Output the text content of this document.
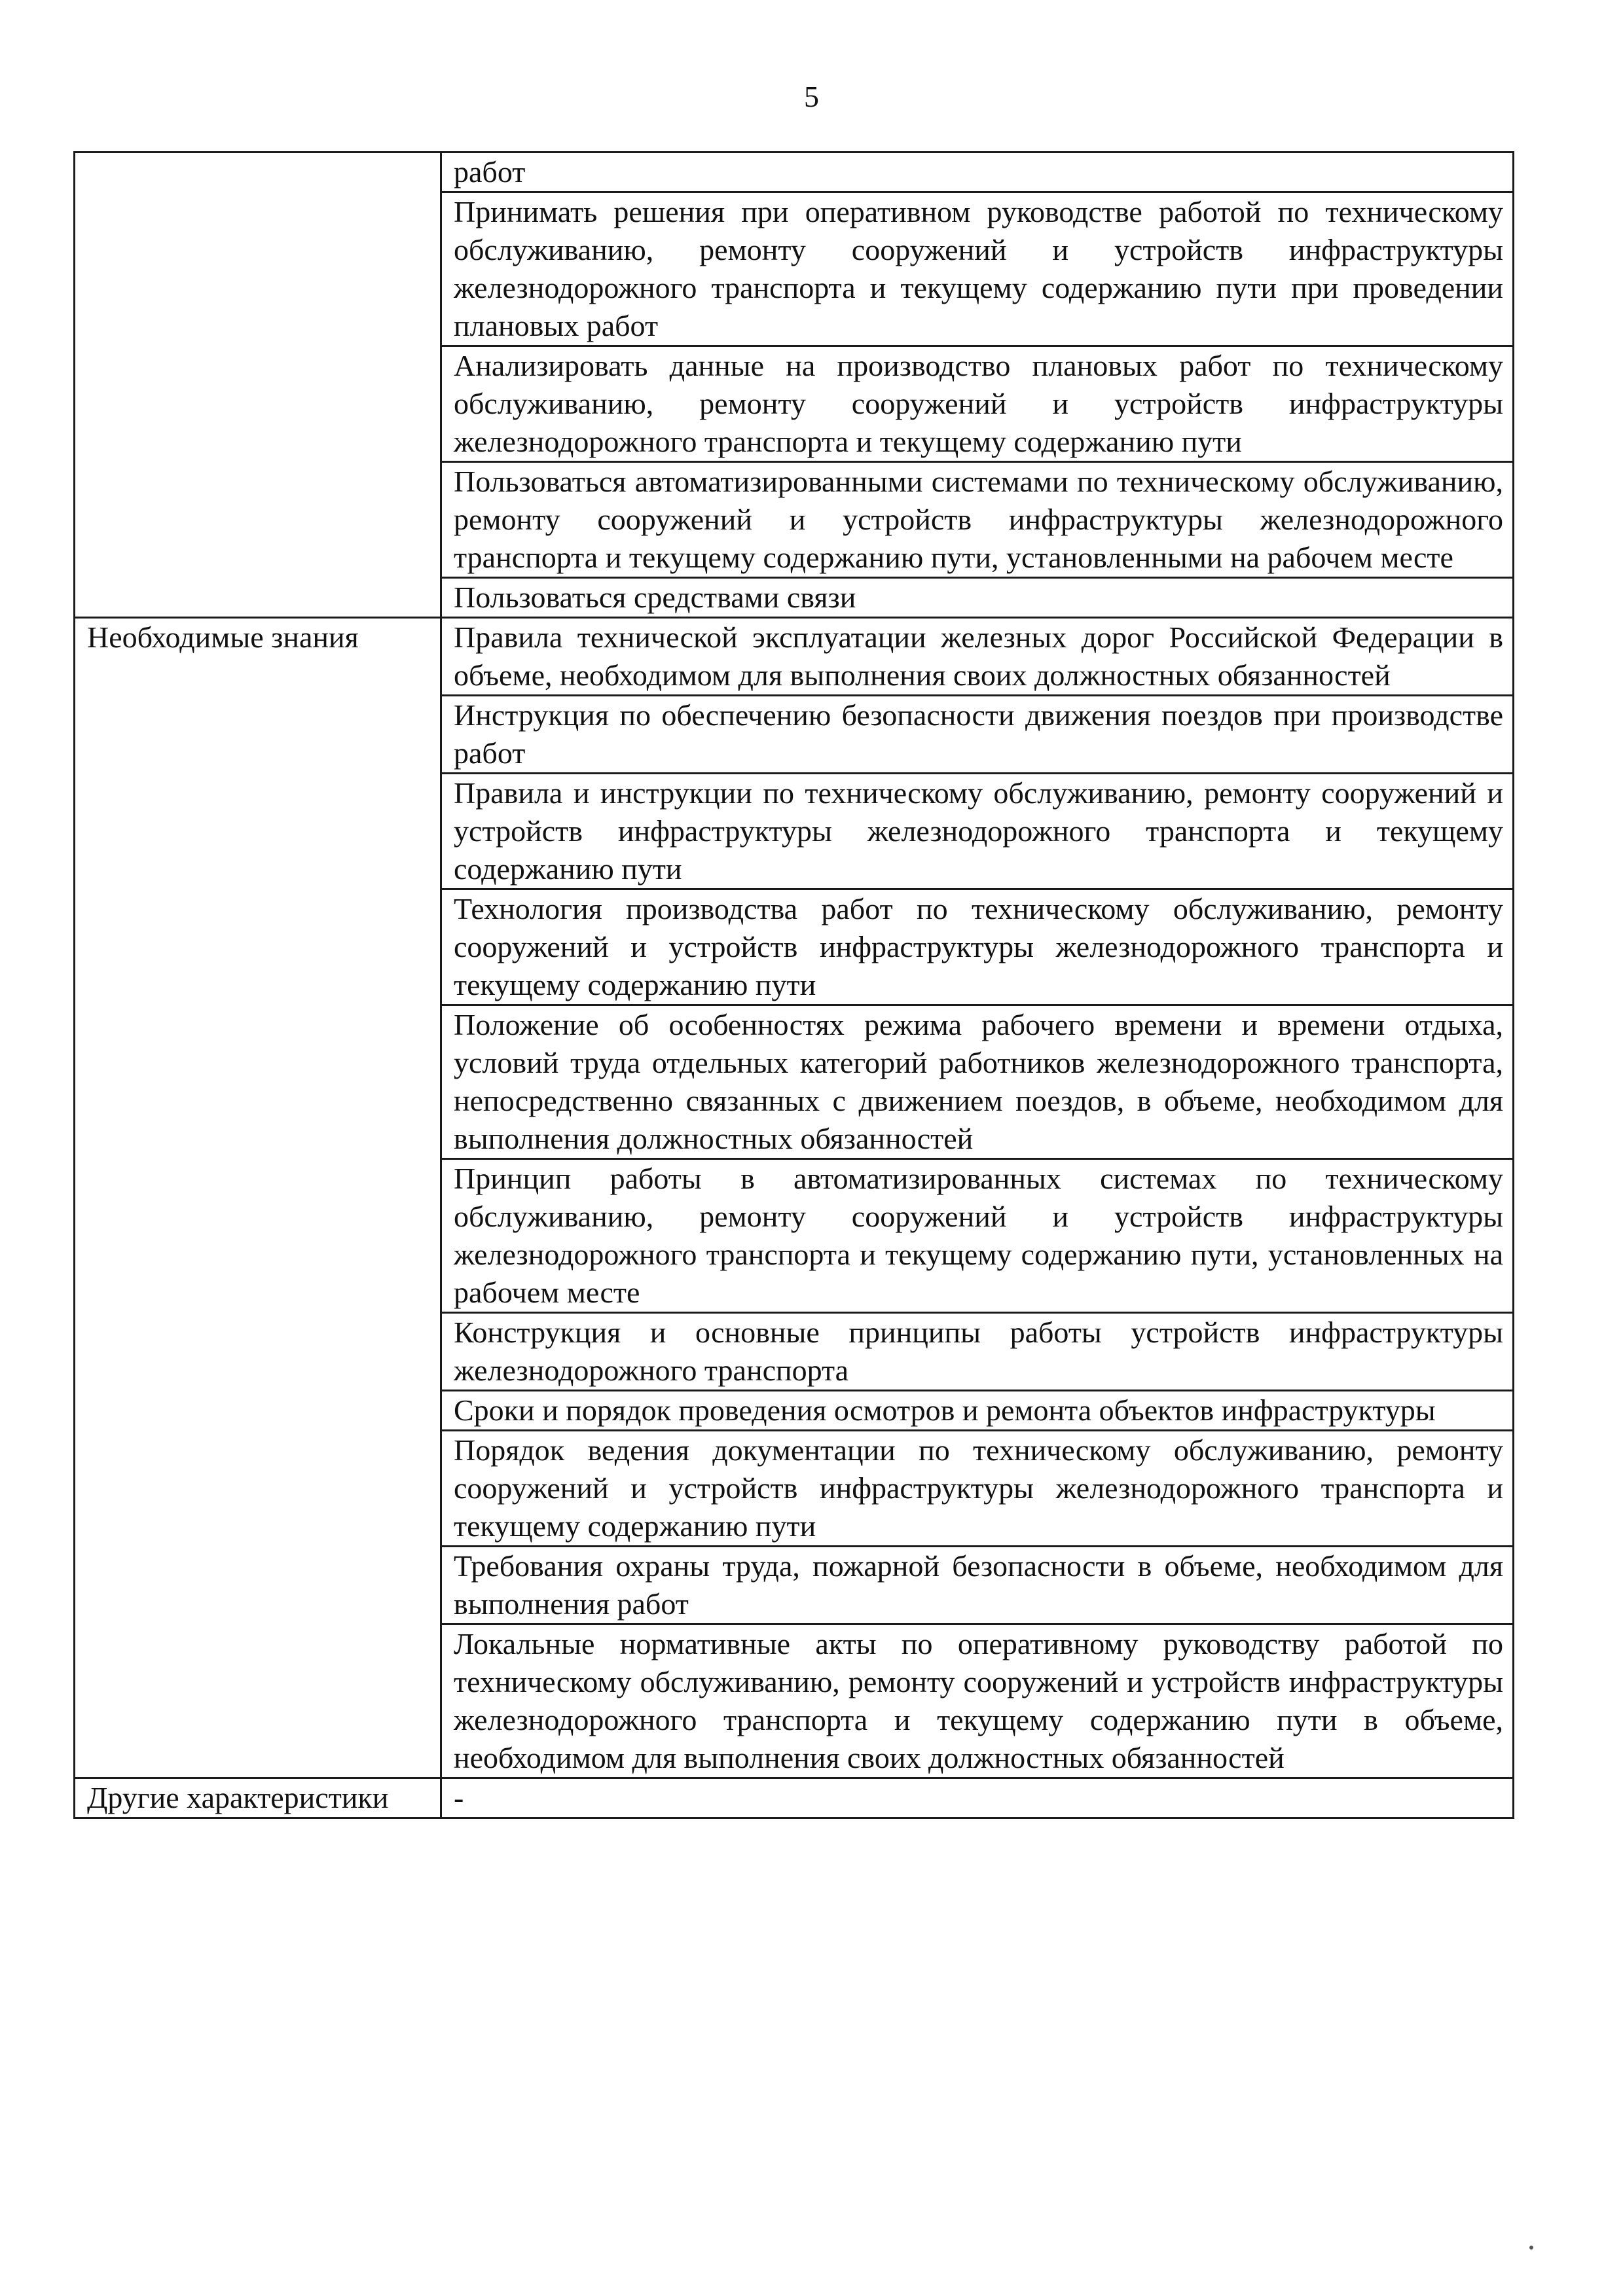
5
	работ
	Принимать решения при оперативном руководстве работой по техническому обслуживанию, ремонту сооружений и устройств инфраструктуры железнодорожного транспорта и текущему содержанию пути при проведении плановых работ
	Анализировать данные на производство плановых работ по техническому обслуживанию, ремонту сооружений и устройств инфраструктуры железнодорожного транспорта и текущему содержанию пути
	Пользоваться автоматизированными системами по техническому обслуживанию, ремонту сооружений и устройств инфраструктуры железнодорожного транспорта и текущему содержанию пути, установленными на рабочем месте
	Пользоваться средствами связи
Необходимые знания	Правила технической эксплуатации железных дорог Российской Федерации в объеме, необходимом для выполнения своих должностных обязанностей
	Инструкция по обеспечению безопасности движения поездов при производстве работ
	Правила и инструкции по техническому обслуживанию, ремонту сооружений и устройств инфраструктуры железнодорожного транспорта и текущему содержанию пути
	Технология производства работ по техническому обслуживанию, ремонту сооружений и устройств инфраструктуры железнодорожного транспорта и текущему содержанию пути
	Положение об особенностях режима рабочего времени и времени отдыха, условий труда отдельных категорий работников железнодорожного транспорта, непосредственно связанных с движением поездов, в объеме, необходимом для выполнения должностных обязанностей
	Принцип работы в автоматизированных системах по техническому обслуживанию, ремонту сооружений и устройств инфраструктуры железнодорожного транспорта и текущему содержанию пути, установленных на рабочем месте
	Конструкция и основные принципы работы устройств инфраструктуры железнодорожного транспорта
	Сроки и порядок проведения осмотров и ремонта объектов инфраструктуры
	Порядок ведения документации по техническому обслуживанию, ремонту сооружений и устройств инфраструктуры железнодорожного транспорта и текущему содержанию пути
	Требования охраны труда, пожарной безопасности в объеме, необходимом для выполнения работ
	Локальные нормативные акты по оперативному руководству работой по техническому обслуживанию, ремонту сооружений и устройств инфраструктуры железнодорожного транспорта и текущему содержанию пути в объеме, необходимом для выполнения своих должностных обязанностей
Другие характеристики	-
